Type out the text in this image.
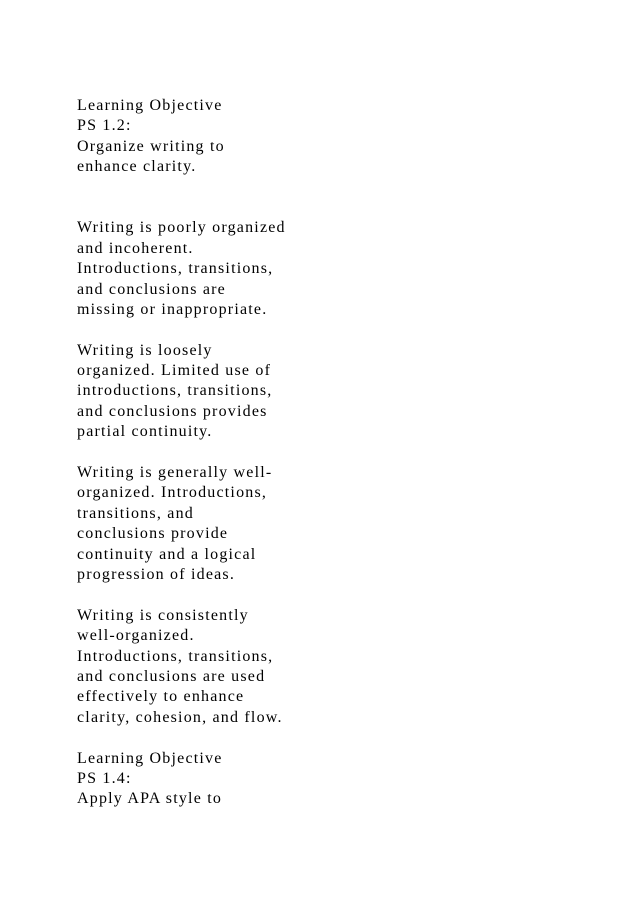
Learning Objective
PS 1.2:
Organize writing to
enhance clarity.
Writing is poorly organized
and incoherent.
Introductions, transitions,
and conclusions are
missing or inappropriate.
Writing is loosely
organized. Limited use of
introductions, transitions,
and conclusions provides
partial continuity.
Writing is generally well-
organized. Introductions,
transitions, and
conclusions provide
continuity and a logical
progression of ideas.
Writing is consistently
well-organized.
Introductions, transitions,
and conclusions are used
effectively to enhance
clarity, cohesion, and flow.
Learning Objective
PS 1.4:
Apply APA style to
